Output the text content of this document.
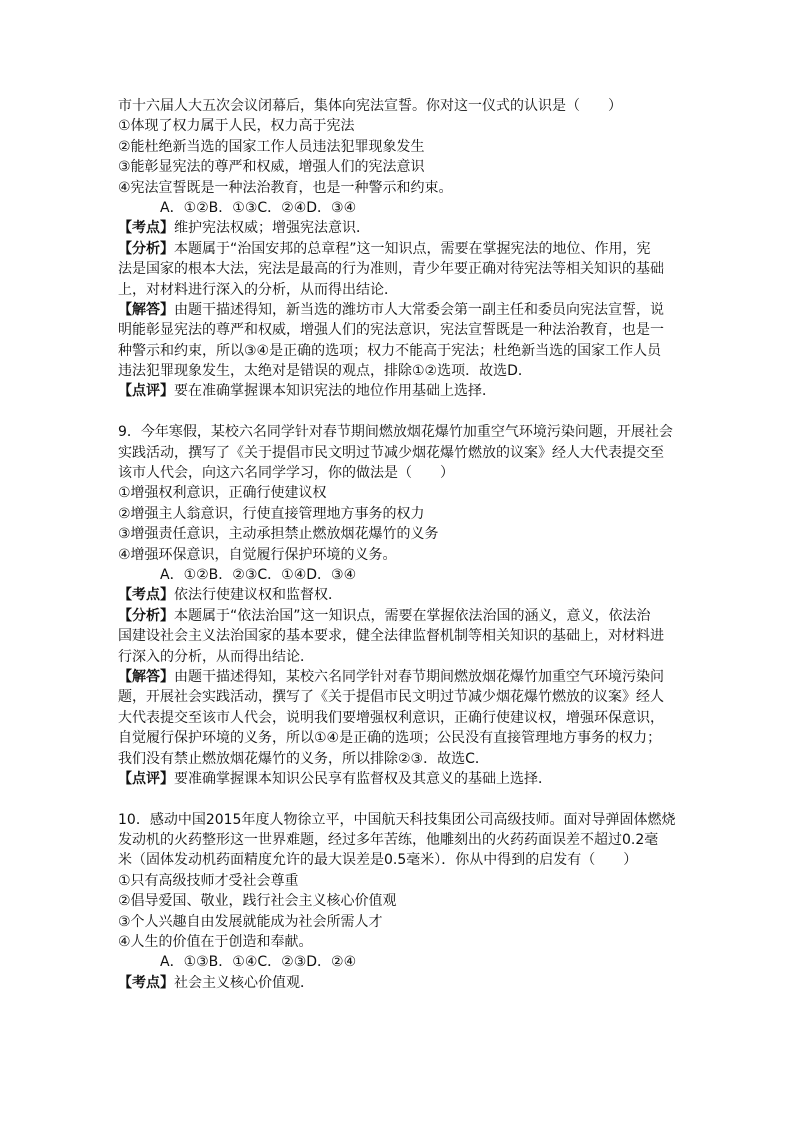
市十六届人大五次会议闭幕后，集体向宪法宣誓。你对这一仪式的认识是（　　）
①体现了权力属于人民，权力高于宪法
②能杜绝新当选的国家工作人员违法犯罪现象发生
③能彰显宪法的尊严和权威，增强人们的宪法意识
④宪法宣誓既是一种法治教育，也是一种警示和约束。
A．①②B．①③C．②④D．③④
【考点】维护宪法权威；增强宪法意识．
【分析】本题属于“治国安邦的总章程”这一知识点，需要在掌握宪法的地位、作用，宪
法是国家的根本大法，宪法是最高的行为准则，青少年要正确对待宪法等相关知识的基础
上，对材料进行深入的分析，从而得出结论．
【解答】由题干描述得知，新当选的潍坊市人大常委会第一副主任和委员向宪法宣誓，说
明能彰显宪法的尊严和权威，增强人们的宪法意识，宪法宣誓既是一种法治教育，也是一
种警示和约束，所以③④是正确的选项；权力不能高于宪法；杜绝新当选的国家工作人员
违法犯罪现象发生，太绝对是错误的观点，排除①②选项．故选D．
【点评】要在准确掌握课本知识宪法的地位作用基础上选择．
9．今年寒假，某校六名同学针对春节期间燃放烟花爆竹加重空气环境污染问题，开展社会
实践活动，撰写了《关于提倡市民文明过节减少烟花爆竹燃放的议案》经人大代表提交至
该市人代会，向这六名同学学习，你的做法是（　　）
①增强权利意识，正确行使建议权
②增强主人翁意识，行使直接管理地方事务的权力
③增强责任意识，主动承担禁止燃放烟花爆竹的义务
④增强环保意识，自觉履行保护环境的义务。
A．①②B．②③C．①④D．③④
【考点】依法行使建议权和监督权．
【分析】本题属于“依法治国”这一知识点，需要在掌握依法治国的涵义，意义，依法治
国建设社会主义法治国家的基本要求，健全法律监督机制等相关知识的基础上，对材料进
行深入的分析，从而得出结论．
【解答】由题干描述得知，某校六名同学针对春节期间燃放烟花爆竹加重空气环境污染问
题，开展社会实践活动，撰写了《关于提倡市民文明过节减少烟花爆竹燃放的议案》经人
大代表提交至该市人代会，说明我们要增强权利意识，正确行使建议权，增强环保意识，
自觉履行保护环境的义务，所以①④是正确的选项；公民没有直接管理地方事务的权力；
我们没有禁止燃放烟花爆竹的义务，所以排除②③．故选C．
【点评】要准确掌握课本知识公民享有监督权及其意义的基础上选择．
10．感动中国2015年度人物徐立平，中国航天科技集团公司高级技师。面对导弹固体燃烧
发动机的火药整形这一世界难题，经过多年苦练，他雕刻出的火药药面误差不超过0.2毫
米（固体发动机药面精度允许的最大误差是0.5毫米）．你从中得到的启发有（　　）
①只有高级技师才受社会尊重
②倡导爱国、敬业，践行社会主义核心价值观
③个人兴趣自由发展就能成为社会所需人才
④人生的价值在于创造和奉献。
A．①③B．①④C．②③D．②④
【考点】社会主义核心价值观．
